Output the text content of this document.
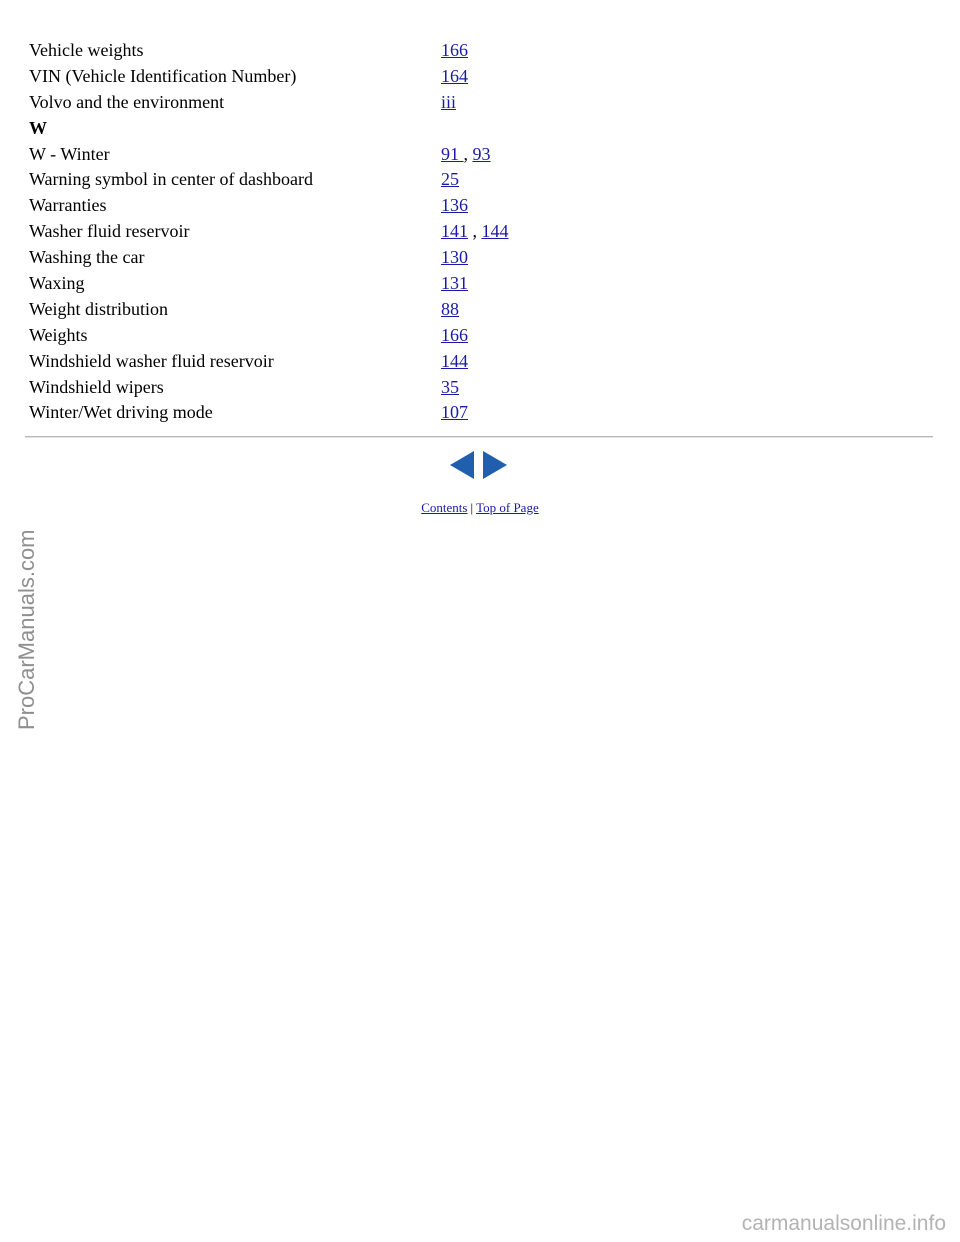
Vehicle weights	166
VIN (Vehicle Identification Number)	164
Volvo and the environment	iii
W
W - Winter	91 , 93
Warning symbol in center of dashboard	25
Warranties	136
Washer fluid reservoir	141 , 144
Washing the car	130
Waxing	131
Weight distribution	88
Weights	166
Windshield washer fluid reservoir	144
Windshield wipers	35
Winter/Wet driving mode	107
Contents | Top of Page
ProCarManuals.com
carmanualsonline.info
